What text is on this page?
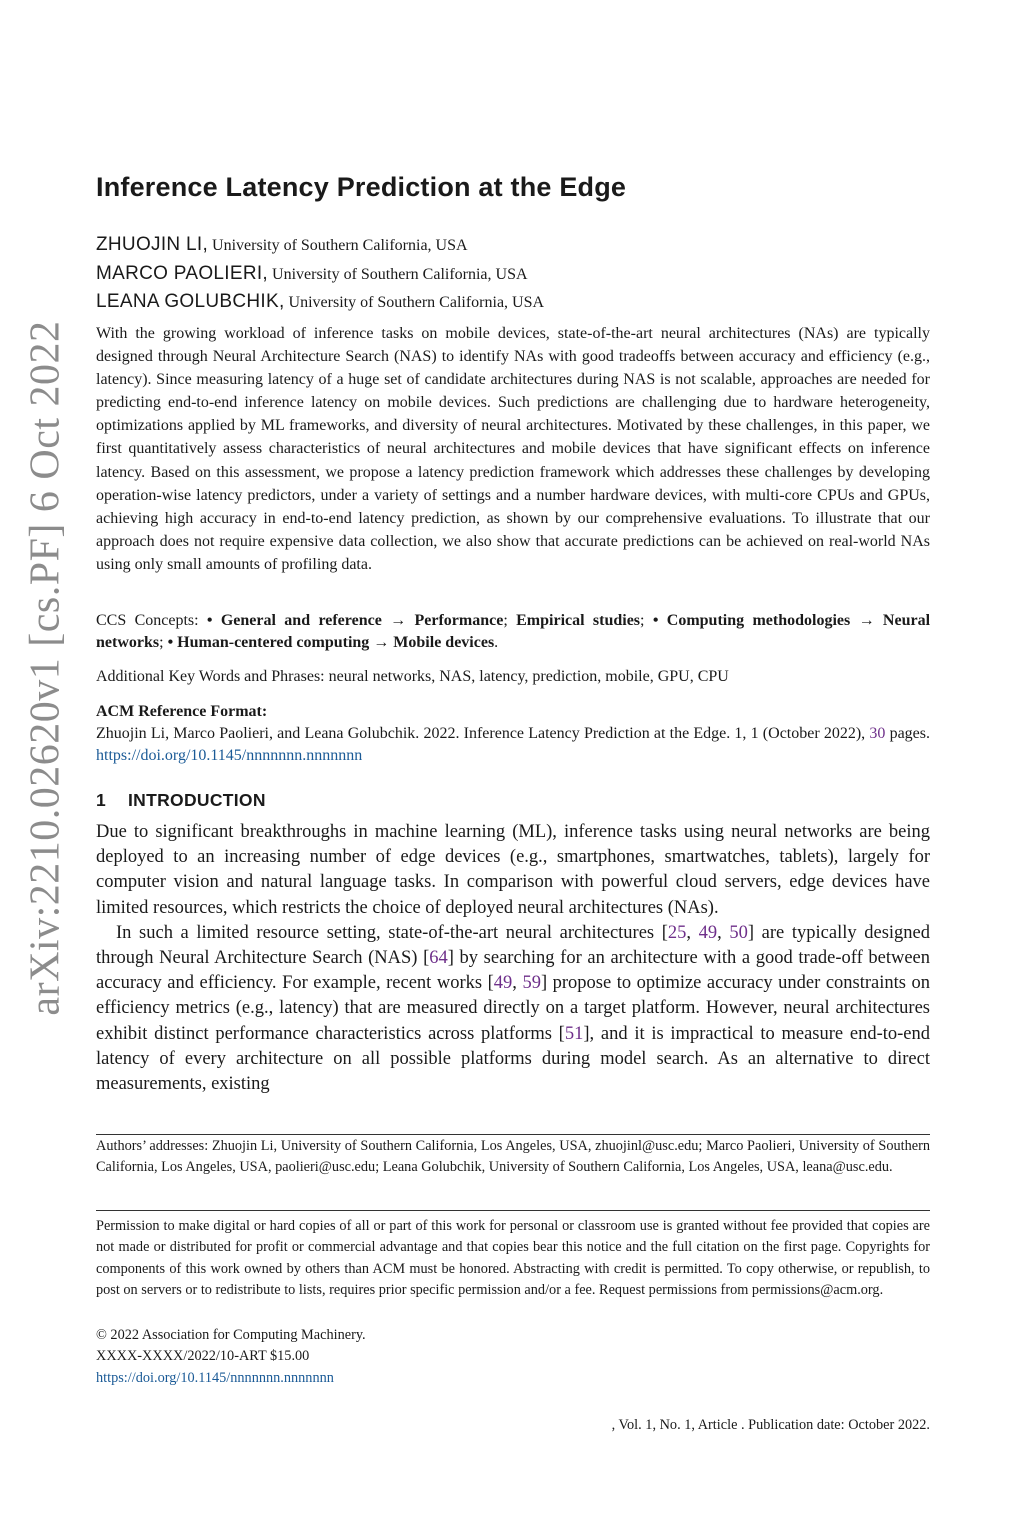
arXiv:2210.02620v1 [cs.PF] 6 Oct 2022
Inference Latency Prediction at the Edge
ZHUOJIN LI, University of Southern California, USA
MARCO PAOLIERI, University of Southern California, USA
LEANA GOLUBCHIK, University of Southern California, USA
With the growing workload of inference tasks on mobile devices, state-of-the-art neural architectures (NAs) are typically designed through Neural Architecture Search (NAS) to identify NAs with good tradeoffs between accuracy and efficiency (e.g., latency). Since measuring latency of a huge set of candidate architectures during NAS is not scalable, approaches are needed for predicting end-to-end inference latency on mobile devices. Such predictions are challenging due to hardware heterogeneity, optimizations applied by ML frameworks, and diversity of neural architectures. Motivated by these challenges, in this paper, we first quantitatively assess characteristics of neural architectures and mobile devices that have significant effects on inference latency. Based on this assessment, we propose a latency prediction framework which addresses these challenges by developing operation-wise latency predictors, under a variety of settings and a number hardware devices, with multi-core CPUs and GPUs, achieving high accuracy in end-to-end latency prediction, as shown by our comprehensive evaluations. To illustrate that our approach does not require expensive data collection, we also show that accurate predictions can be achieved on real-world NAs using only small amounts of profiling data.
CCS Concepts: • General and reference → Performance; Empirical studies; • Computing methodologies → Neural networks; • Human-centered computing → Mobile devices.
Additional Key Words and Phrases: neural networks, NAS, latency, prediction, mobile, GPU, CPU
ACM Reference Format:
Zhuojin Li, Marco Paolieri, and Leana Golubchik. 2022. Inference Latency Prediction at the Edge. 1, 1 (October 2022), 30 pages. https://doi.org/10.1145/nnnnnnn.nnnnnnn
1 INTRODUCTION

Due to significant breakthroughs in machine learning (ML), inference tasks using neural networks are being deployed to an increasing number of edge devices (e.g., smartphones, smartwatches, tablets), largely for computer vision and natural language tasks. In comparison with powerful cloud servers, edge devices have limited resources, which restricts the choice of deployed neural architectures (NAs).

In such a limited resource setting, state-of-the-art neural architectures [25, 49, 50] are typically designed through Neural Architecture Search (NAS) [64] by searching for an architecture with a good trade-off between accuracy and efficiency. For example, recent works [49, 59] propose to optimize accuracy under constraints on efficiency metrics (e.g., latency) that are measured directly on a target platform. However, neural architectures exhibit distinct performance characteristics across platforms [51], and it is impractical to measure end-to-end latency of every architecture on all possible platforms during model search. As an alternative to direct measurements, existing

Authors’ addresses: Zhuojin Li, University of Southern California, Los Angeles, USA, zhuojinl@usc.edu; Marco Paolieri, University of Southern California, Los Angeles, USA, paolieri@usc.edu; Leana Golubchik, University of Southern California, Los Angeles, USA, leana@usc.edu.
Permission to make digital or hard copies of all or part of this work for personal or classroom use is granted without fee provided that copies are not made or distributed for profit or commercial advantage and that copies bear this notice and the full citation on the first page. Copyrights for components of this work owned by others than ACM must be honored. Abstracting with credit is permitted. To copy otherwise, or republish, to post on servers or to redistribute to lists, requires prior specific permission and/or a fee. Request permissions from permissions@acm.org.
© 2022 Association for Computing Machinery.
XXXX-XXXX/2022/10-ART $15.00
https://doi.org/10.1145/nnnnnnn.nnnnnnn
, Vol. 1, No. 1, Article . Publication date: October 2022.
